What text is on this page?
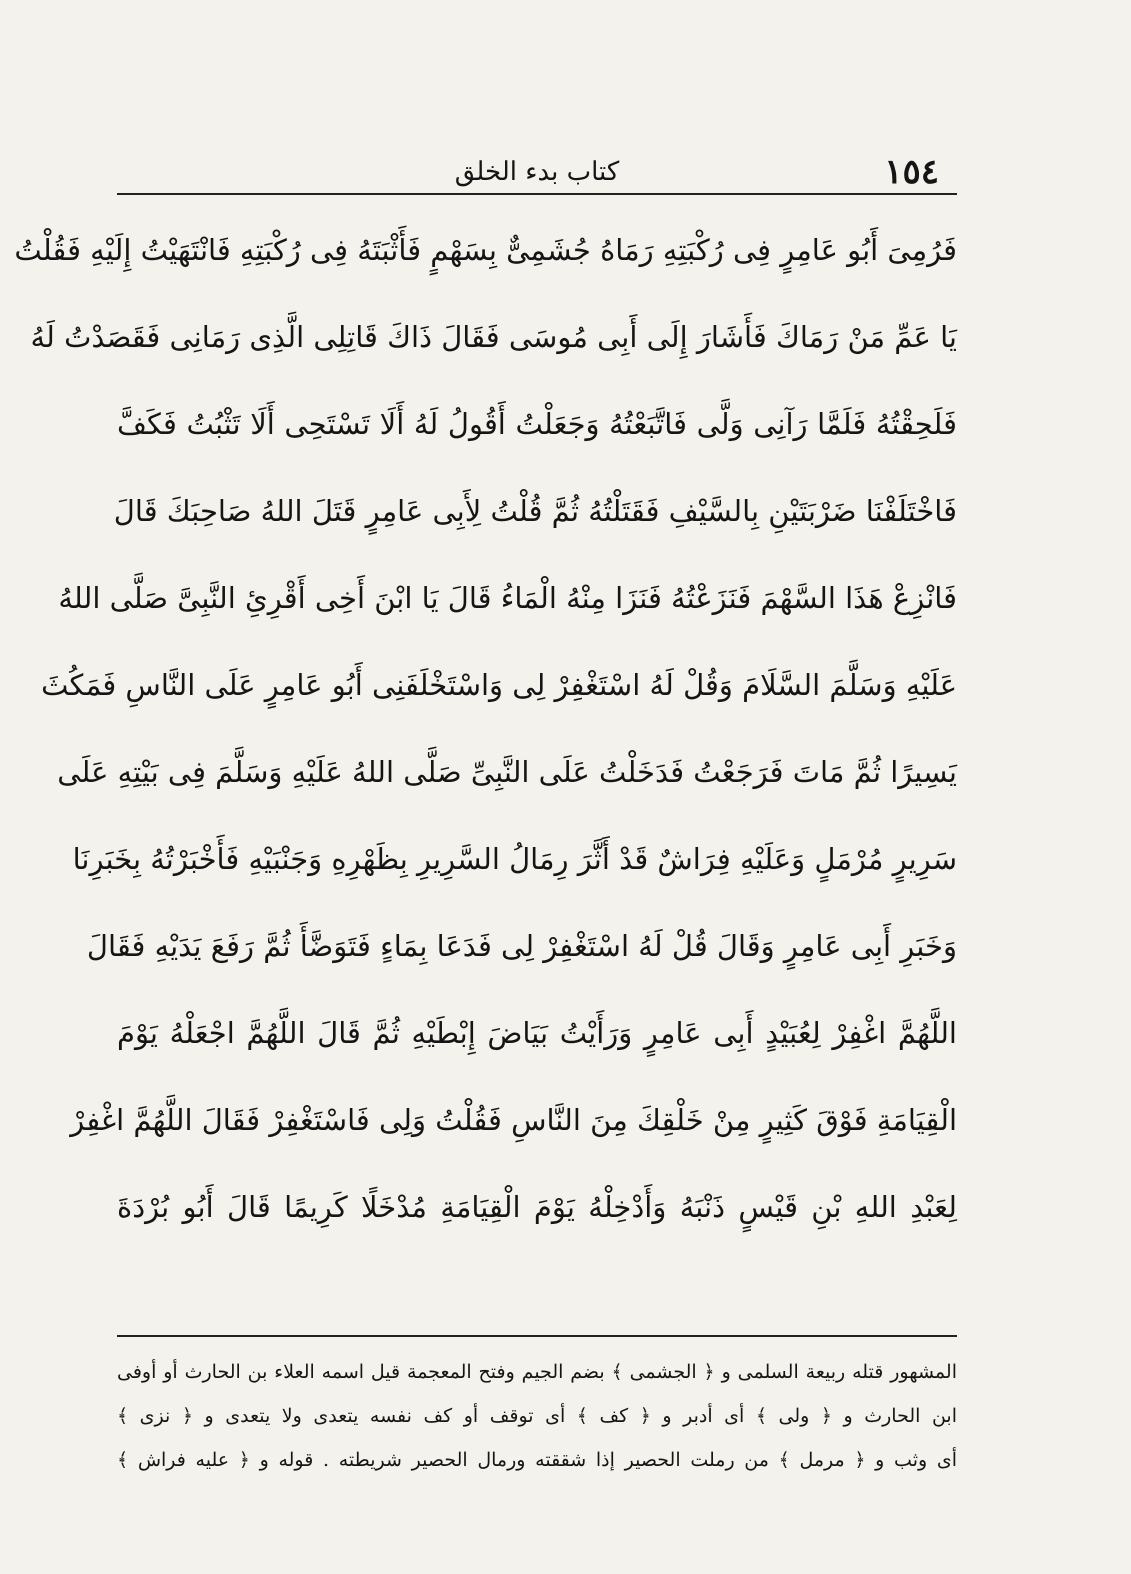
كتاب بدء الخلق	١٥٤
فَرُمِىَ أَبُو عَامِرٍ فِى رُكْبَتِهِ رَمَاهُ جُشَمِىٌّ بِسَهْمٍ فَأَثْبَتَهُ فِى رُكْبَتِهِ فَانْتَهَيْتُ إِلَيْهِ فَقُلْتُ
يَا عَمِّ مَنْ رَمَاكَ فَأَشَارَ إِلَى أَبِى مُوسَى فَقَالَ ذَاكَ قَاتِلِى الَّذِى رَمَانِى فَقَصَدْتُ لَهُ
فَلَحِقْتُهُ فَلَمَّا رَآنِى وَلَّى فَاتَّبَعْتُهُ وَجَعَلْتُ أَقُولُ لَهُ أَلَا تَسْتَحِى أَلَا تَثْبُتُ فَكَفَّ
فَاخْتَلَفْنَا ضَرْبَتَيْنِ بِالسَّيْفِ فَقَتَلْتُهُ ثُمَّ قُلْتُ لِأَبِى عَامِرٍ قَتَلَ اللهُ صَاحِبَكَ قَالَ
فَانْزِعْ هَذَا السَّهْمَ فَنَزَعْتُهُ فَنَزَا مِنْهُ الْمَاءُ قَالَ يَا ابْنَ أَخِى أَقْرِئِ النَّبِىَّ صَلَّى اللهُ
عَلَيْهِ وَسَلَّمَ السَّلَامَ وَقُلْ لَهُ اسْتَغْفِرْ لِى وَاسْتَخْلَفَنِى أَبُو عَامِرٍ عَلَى النَّاسِ فَمَكُثَ
يَسِيرًا ثُمَّ مَاتَ فَرَجَعْتُ فَدَخَلْتُ عَلَى النَّبِىِّ صَلَّى اللهُ عَلَيْهِ وَسَلَّمَ فِى بَيْتِهِ عَلَى
سَرِيرٍ مُرْمَلٍ وَعَلَيْهِ فِرَاشٌ قَدْ أَثَّرَ رِمَالُ السَّرِيرِ بِظَهْرِهِ وَجَنْبَيْهِ فَأَخْبَرْتُهُ بِخَبَرِنَا
وَخَبَرِ أَبِى عَامِرٍ وَقَالَ قُلْ لَهُ اسْتَغْفِرْ لِى فَدَعَا بِمَاءٍ فَتَوَضَّأَ ثُمَّ رَفَعَ يَدَيْهِ فَقَالَ
اللَّهُمَّ اغْفِرْ لِعُبَيْدٍ أَبِى عَامِرٍ وَرَأَيْتُ بَيَاضَ إِبْطَيْهِ ثُمَّ قَالَ اللَّهُمَّ اجْعَلْهُ يَوْمَ
الْقِيَامَةِ فَوْقَ كَثِيرٍ مِنْ خَلْقِكَ مِنَ النَّاسِ فَقُلْتُ وَلِى فَاسْتَغْفِرْ فَقَالَ اللَّهُمَّ اغْفِرْ
لِعَبْدِ اللهِ بْنِ قَيْسٍ ذَنْبَهُ وَأَدْخِلْهُ يَوْمَ الْقِيَامَةِ مُدْخَلًا كَرِيمًا قَالَ أَبُو بُرْدَةَ
المشهور قتله ربيعة السلمى و ﴿ الجشمى ﴾ بضم الجيم وفتح المعجمة قيل اسمه العلاء بن الحارث أو أوفى
ابن الحارث و ﴿ ولى ﴾ أى أدبر و ﴿ كف ﴾ أى توقف أو كف نفسه يتعدى ولا يتعدى و ﴿ نزى ﴾
أى وثب و ﴿ مرمل ﴾ من رملت الحصير إذا شققته ورمال الحصير شريطته . قوله و ﴿ عليه فراش ﴾
